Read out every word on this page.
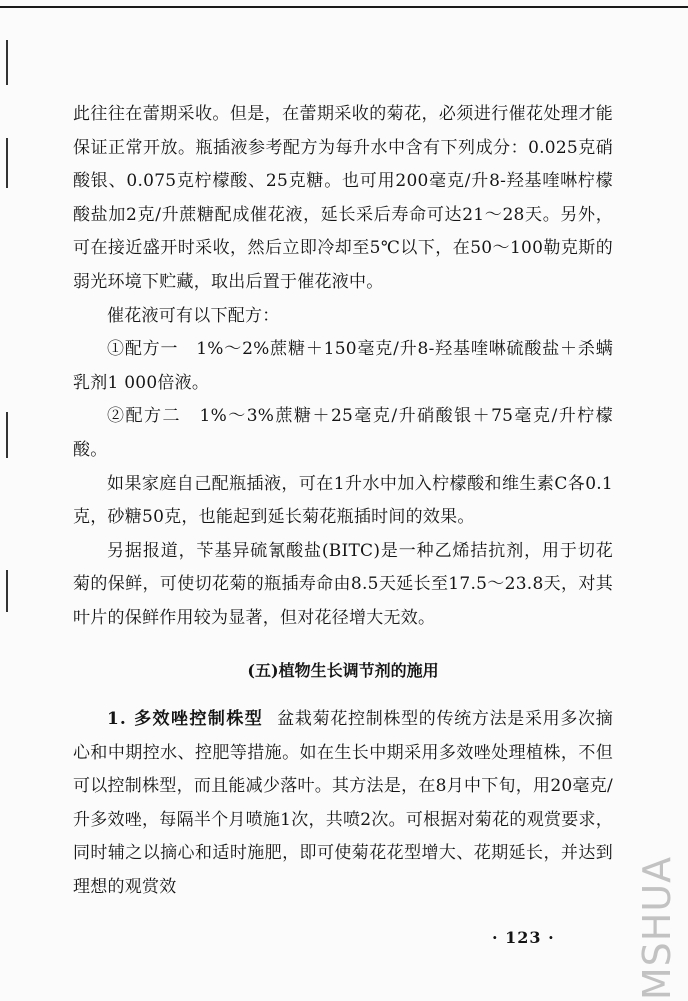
此往往在蕾期采收。但是，在蕾期采收的菊花，必须进行催花处理才能保证正常开放。瓶插液参考配方为每升水中含有下列成分：0.025克硝酸银、0.075克柠檬酸、25克糖。也可用200毫克/升8-羟基喹啉柠檬酸盐加2克/升蔗糖配成催花液，延长采后寿命可达21～28天。另外，可在接近盛开时采收，然后立即冷却至5℃以下，在50～100勒克斯的弱光环境下贮藏，取出后置于催花液中。

催花液可有以下配方：

①配方一　1%～2%蔗糖＋150毫克/升8-羟基喹啉硫酸盐＋杀螨乳剂1 000倍液。

②配方二　1%～3%蔗糖＋25毫克/升硝酸银＋75毫克/升柠檬酸。

如果家庭自己配瓶插液，可在1升水中加入柠檬酸和维生素C各0.1克，砂糖50克，也能起到延长菊花瓶插时间的效果。

另据报道，苄基异硫氰酸盐(BITC)是一种乙烯拮抗剂，用于切花菊的保鲜，可使切花菊的瓶插寿命由8.5天延长至17.5～23.8天，对其叶片的保鲜作用较为显著，但对花径增大无效。

(五)植物生长调节剂的施用

1. 多效唑控制株型 盆栽菊花控制株型的传统方法是采用多次摘心和中期控水、控肥等措施。如在生长中期采用多效唑处理植株，不但可以控制株型，而且能减少落叶。其方法是，在8月中下旬，用20毫克/升多效唑，每隔半个月喷施1次，共喷2次。可根据对菊花的观赏要求，同时辅之以摘心和适时施肥，即可使菊花花型增大、花期延长，并达到理想的观赏效

· 123 · MSHUA
